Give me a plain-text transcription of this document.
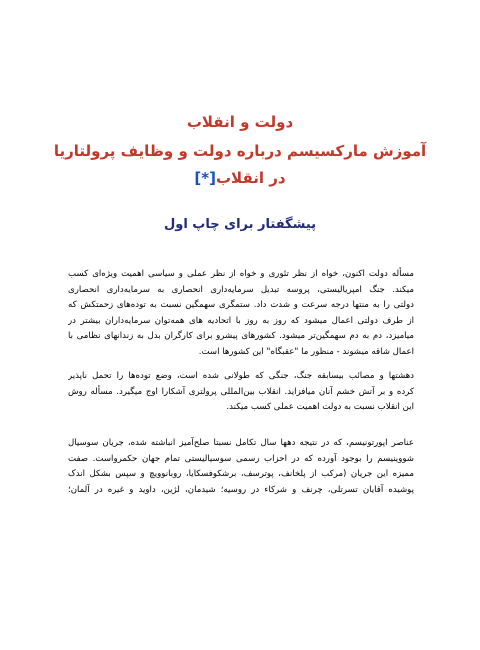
دولت و انقلاب
آموزش مارکسیسم درباره دولت و وظایف پرولتاریا
در انقلاب[*]
پیشگفتار برای چاپ اول
مسأله دولت اکنون، خواه از نظر تئوری و خواه از نظر عملی و سیاسی اهمیت ویژه‌ای کسب
میکند. جنگ امپریالیستی، پروسه تبدیل سرمایه‌داری انحصاری به سرمایه‌داری انحصاری
دولتی را به منتها درجه سرعت و شدت داد. ستمگری سهمگین نسبت به توده‌های زحمتکش که
از طرف دولتی اعمال میشود که روز به روز با اتحادیه های همه‌توان سرمایه‌داران بیشتر در
میامیزد، دم به دم سهمگین‌تر میشود. کشورهای پیشرو برای کارگران بدل به زندانهای نظامی با
اعمال شاقه میشوند - منظور ما "عقبگاه" این کشورها است.
دهشتها و مصائب بیسابقه جنگ، جنگی که طولانی شده است، وضع توده‌ها را تحمل ناپذیر
کرده و بر آتش خشم آنان میافزاید. انقلاب بین‌المللی پرولتری آشکارا اوج میگیرد. مسأله روش
این انقلاب نسبت به دولت اهمیت عملی کسب میکند.
عناصر اپورتونیسم، که در نتیجه دهها سال تکامل نسبتا صلح‌آمیز انباشته شده، جریان سوسیال
شووینیسم را بوجود آورده که در احزاب رسمی سوسیالیستی تمام جهان حکمرواست. صفت
ممیزه این جریان (مرکب از پلخانف، پوترسف، برشکوفسکایا، روبانوویچ و سپس بشکل اندک
پوشیده آقایان تسرتلی، چرنف و شرکاء در روسیه؛ شیدمان، لژین، داوید و غیره در آلمان؛
